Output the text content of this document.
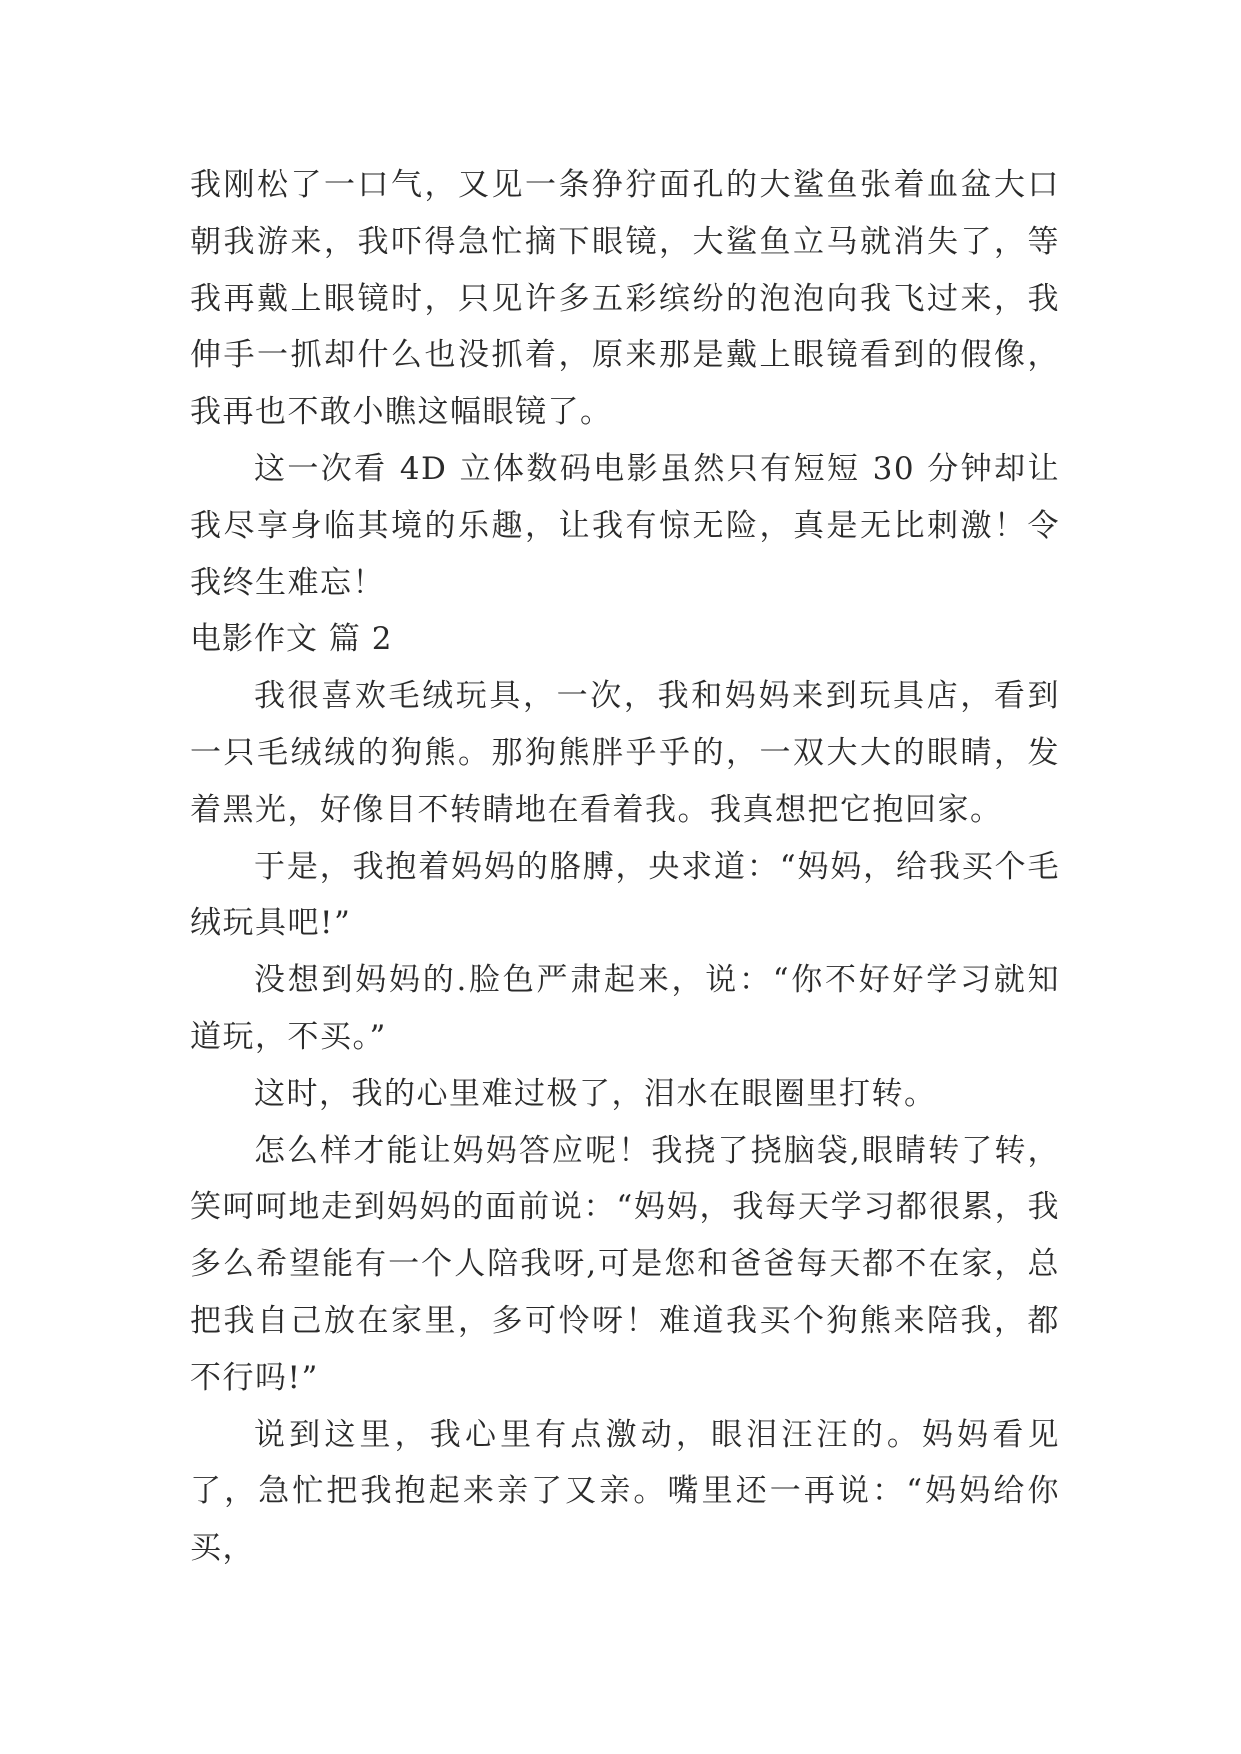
我刚松了一口气，又见一条狰狞面孔的大鲨鱼张着血盆大口朝我游来，我吓得急忙摘下眼镜，大鲨鱼立马就消失了，等我再戴上眼镜时，只见许多五彩缤纷的泡泡向我飞过来，我伸手一抓却什么也没抓着，原来那是戴上眼镜看到的假像，我再也不敢小瞧这幅眼镜了。

这一次看 4D 立体数码电影虽然只有短短 30 分钟却让我尽享身临其境的乐趣，让我有惊无险，真是无比刺激！令我终生难忘！

电影作文 篇 2

我很喜欢毛绒玩具，一次，我和妈妈来到玩具店，看到一只毛绒绒的狗熊。那狗熊胖乎乎的，一双大大的眼睛，发着黑光，好像目不转睛地在看着我。我真想把它抱回家。

于是，我抱着妈妈的胳膊，央求道：“妈妈，给我买个毛绒玩具吧!”

没想到妈妈的.脸色严肃起来，说：“你不好好学习就知道玩，不买。”

这时，我的心里难过极了，泪水在眼圈里打转。

怎么样才能让妈妈答应呢！我挠了挠脑袋,眼睛转了转，笑呵呵地走到妈妈的面前说：“妈妈，我每天学习都很累，我多么希望能有一个人陪我呀,可是您和爸爸每天都不在家，总把我自己放在家里，多可怜呀！难道我买个狗熊来陪我，都不行吗!”

说到这里，我心里有点激动，眼泪汪汪的。妈妈看见了，急忙把我抱起来亲了又亲。嘴里还一再说：“妈妈给你买，
